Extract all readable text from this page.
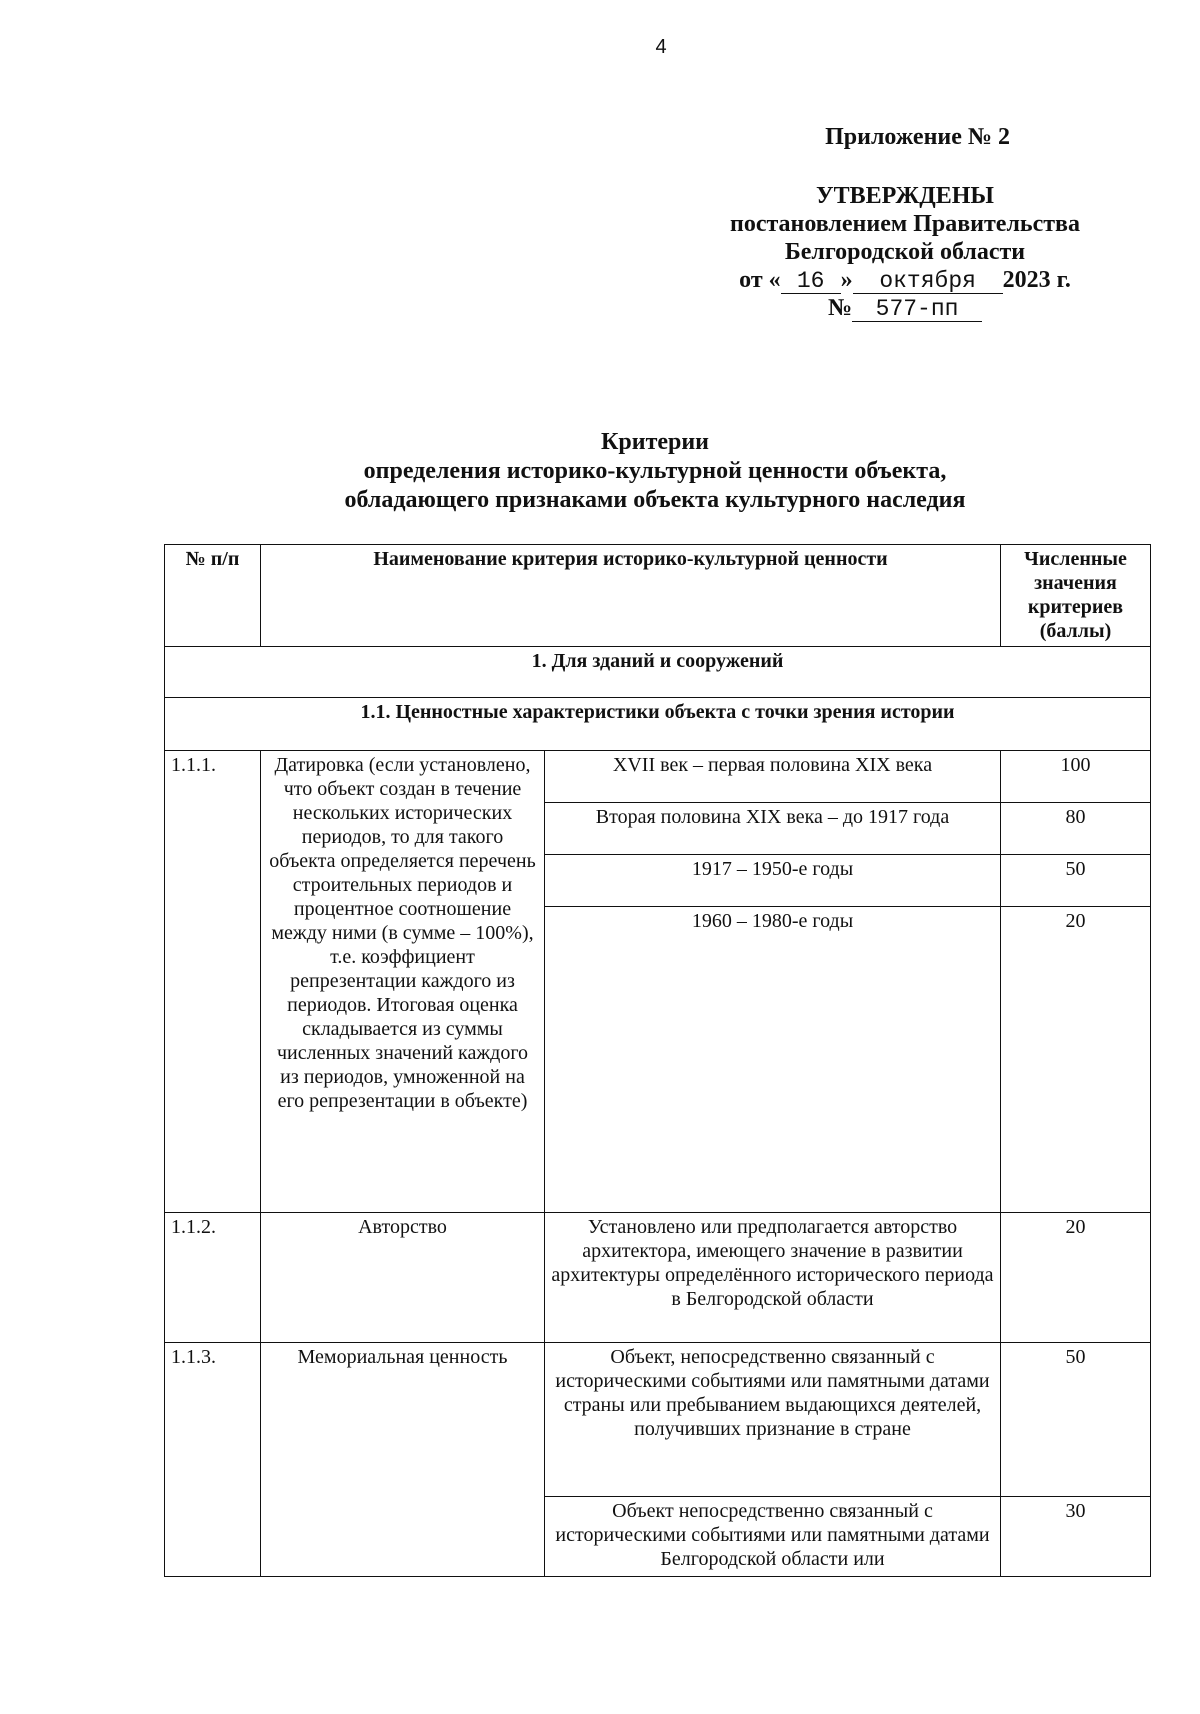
4
Приложение № 2
УТВЕРЖДЕНЫ
постановлением Правительства
Белгородской области
от « 16 » октября 2023 г.
№ 577-пп
Критерии
определения историко-культурной ценности объекта,
обладающего признаками объекта культурного наследия
№ п/п	Наименование критерия историко-культурной ценности		Численные значения критериев (баллы)
1. Для зданий и сооружений			
1.1. Ценностные характеристики объекта с точки зрения истории			
1.1.1.	Датировка (если установлено, что объект создан в течение нескольких исторических периодов, то для такого объекта определяется перечень строительных периодов и процентное соотношение между ними (в сумме – 100%), т.е. коэффициент репрезентации каждого из периодов. Итоговая оценка складывается из суммы численных значений каждого из периодов, умноженной на его репрезентации в объекте)	XVII век – первая половина XIX века	100
		Вторая половина XIX века – до 1917 года	80
		1917 – 1950-е годы	50
		1960 – 1980-е годы	20
1.1.2.	Авторство	Установлено или предполагается авторство архитектора, имеющего значение в развитии архитектуры определённого исторического периода в Белгородской области	20
1.1.3.	Мемориальная ценность	Объект, непосредственно связанный с историческими событиями или памятными датами страны или пребыванием выдающихся деятелей, получивших признание в стране	50
		Объект непосредственно связанный с историческими событиями или памятными датами Белгородской области или	30
